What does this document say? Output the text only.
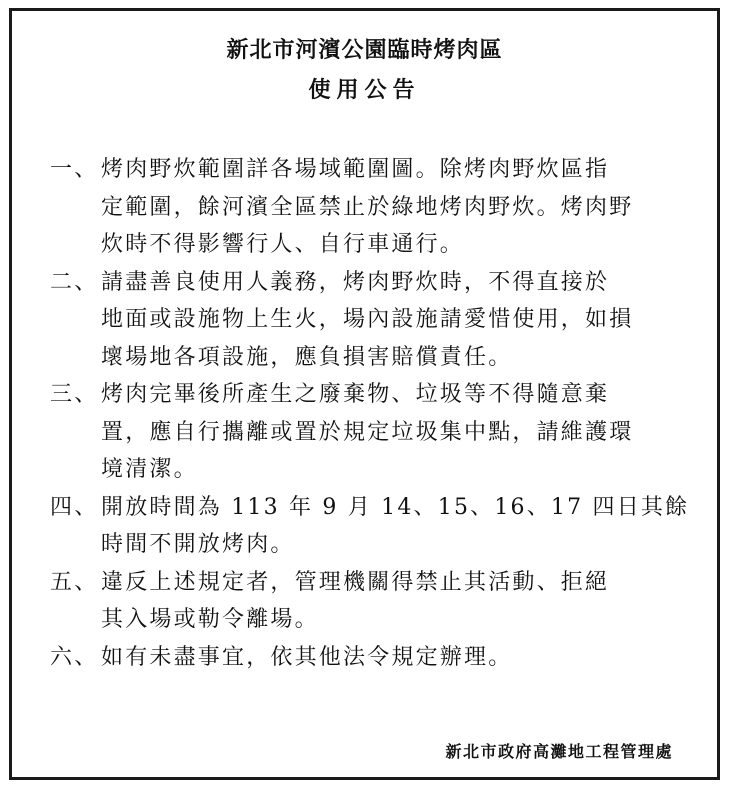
新北市河濱公園臨時烤肉區
使用公告
一、 烤肉野炊範圍詳各場域範圍圖。除烤肉野炊區指
定範圍，餘河濱全區禁止於綠地烤肉野炊。烤肉野
炊時不得影響行人、自行車通行。
二、 請盡善良使用人義務，烤肉野炊時，不得直接於
地面或設施物上生火，場內設施請愛惜使用，如損
壞場地各項設施，應負損害賠償責任。
三、 烤肉完畢後所產生之廢棄物、垃圾等不得隨意棄
置，應自行攜離或置於規定垃圾集中點，請維護環
境清潔。
四、 開放時間為 113 年 9 月 14、15、16、17 四日其餘
時間不開放烤肉。
五、 違反上述規定者，管理機關得禁止其活動、拒絕
其入場或勒令離場。
六、 如有未盡事宜，依其他法令規定辦理。
新北市政府高灘地工程管理處
